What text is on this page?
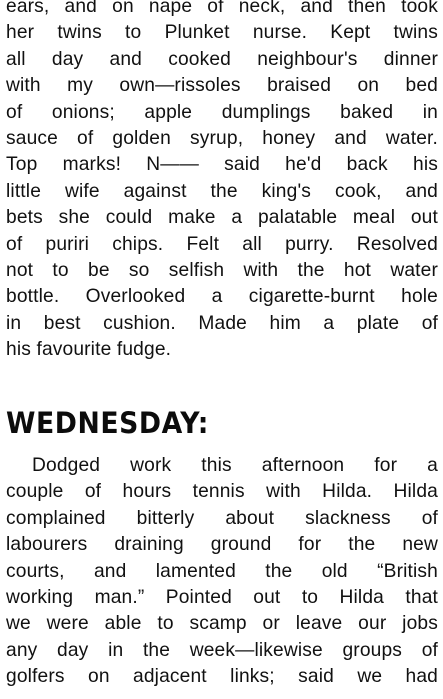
ears, and on nape of neck, and then took
her twins to Plunket nurse. Kept twins
all day and cooked neighbour's dinner
with my own—rissoles braised on bed
of onions; apple dumplings baked in
sauce of golden syrup, honey and water.
Top marks! N—— said he'd back his
little wife against the king's cook, and
bets she could make a palatable meal out
of puriri chips. Felt all purry. Resolved
not to be so selfish with the hot water
bottle. Overlooked a cigarette-burnt hole
in best cushion. Made him a plate of
his favourite fudge.
WEDNESDAY:
Dodged work this afternoon for a
couple of hours tennis with Hilda. Hilda
complained bitterly about slackness of
labourers draining ground for the new
courts, and lamented the old “British
working man.” Pointed out to Hilda that
we were able to scamp or leave our jobs
any day in the week—likewise groups of
golfers on adjacent links; said we had
